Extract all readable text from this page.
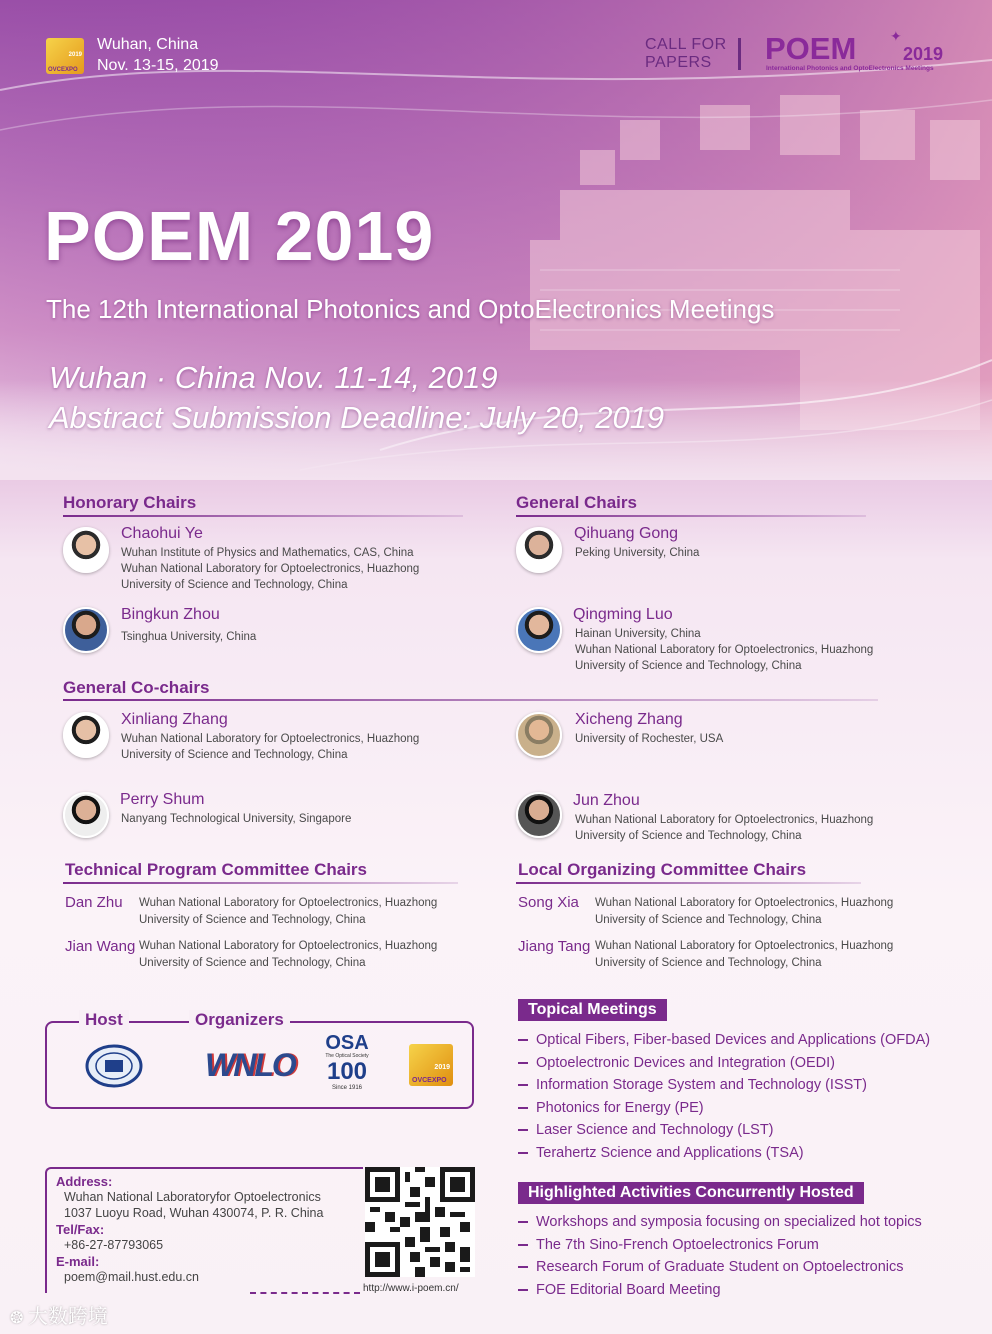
2019
OVCEXPO
Wuhan, China
Nov. 13-15, 2019
CALL FOR
PAPERS	POEM ✦
2019
International Photonics and OptoElectronics Meetings
POEM 2019
The 12th International Photonics and OptoElectronics Meetings
Wuhan · China Nov. 11-14, 2019
Abstract Submission Deadline: July 20, 2019
Honorary Chairs
Chaohui Ye
Wuhan Institute of Physics and Mathematics, CAS, China
Wuhan National Laboratory for Optoelectronics, Huazhong
University of Science and Technology, China
Bingkun Zhou
Tsinghua University, China
General Chairs
Qihuang Gong
Peking University, China
Qingming Luo
Hainan University, China
Wuhan National Laboratory for Optoelectronics, Huazhong
University of Science and Technology, China
General Co-chairs
Xinliang Zhang
Wuhan National Laboratory for Optoelectronics, Huazhong
University of Science and Technology, China
Perry Shum
Nanyang Technological University, Singapore
Xicheng Zhang
University of Rochester, USA
Jun Zhou
Wuhan National Laboratory for Optoelectronics, Huazhong
University of Science and Technology, China
Technical Program Committee Chairs
Dan Zhu Wuhan National Laboratory for Optoelectronics, Huazhong
University of Science and Technology, China
Jian Wang Wuhan National Laboratory for Optoelectronics, Huazhong
University of Science and Technology, China
Local Organizing Committee Chairs
Song Xia Wuhan National Laboratory for Optoelectronics, Huazhong
University of Science and Technology, China
Jiang Tang Wuhan National Laboratory for Optoelectronics, Huazhong
University of Science and Technology, China
Host	Organizers
WNLO
OSA
The Optical Society
100
Since 1916
2019
OVCEXPO
Topical Meetings
Optical Fibers, Fiber-based Devices and Applications (OFDA)
Optoelectronic Devices and Integration (OEDI)
Information Storage System and Technology (ISST)
Photonics for Energy (PE)
Laser Science and Technology (LST)
Terahertz Science and Applications (TSA)
Highlighted Activities Concurrently Hosted
Workshops and symposia focusing on specialized hot topics
The 7th Sino-French Optoelectronics Forum
Research Forum of Graduate Student on Optoelectronics
FOE Editorial Board Meeting
Address:
Wuhan National Laboratoryfor Optoelectronics
1037 Luoyu Road, Wuhan 430074, P. R. China
Tel/Fax:
+86-27-87793065
E-mail:
poem@mail.hust.edu.cn
http://www.i-poem.cn/
❂ 大数跨境
